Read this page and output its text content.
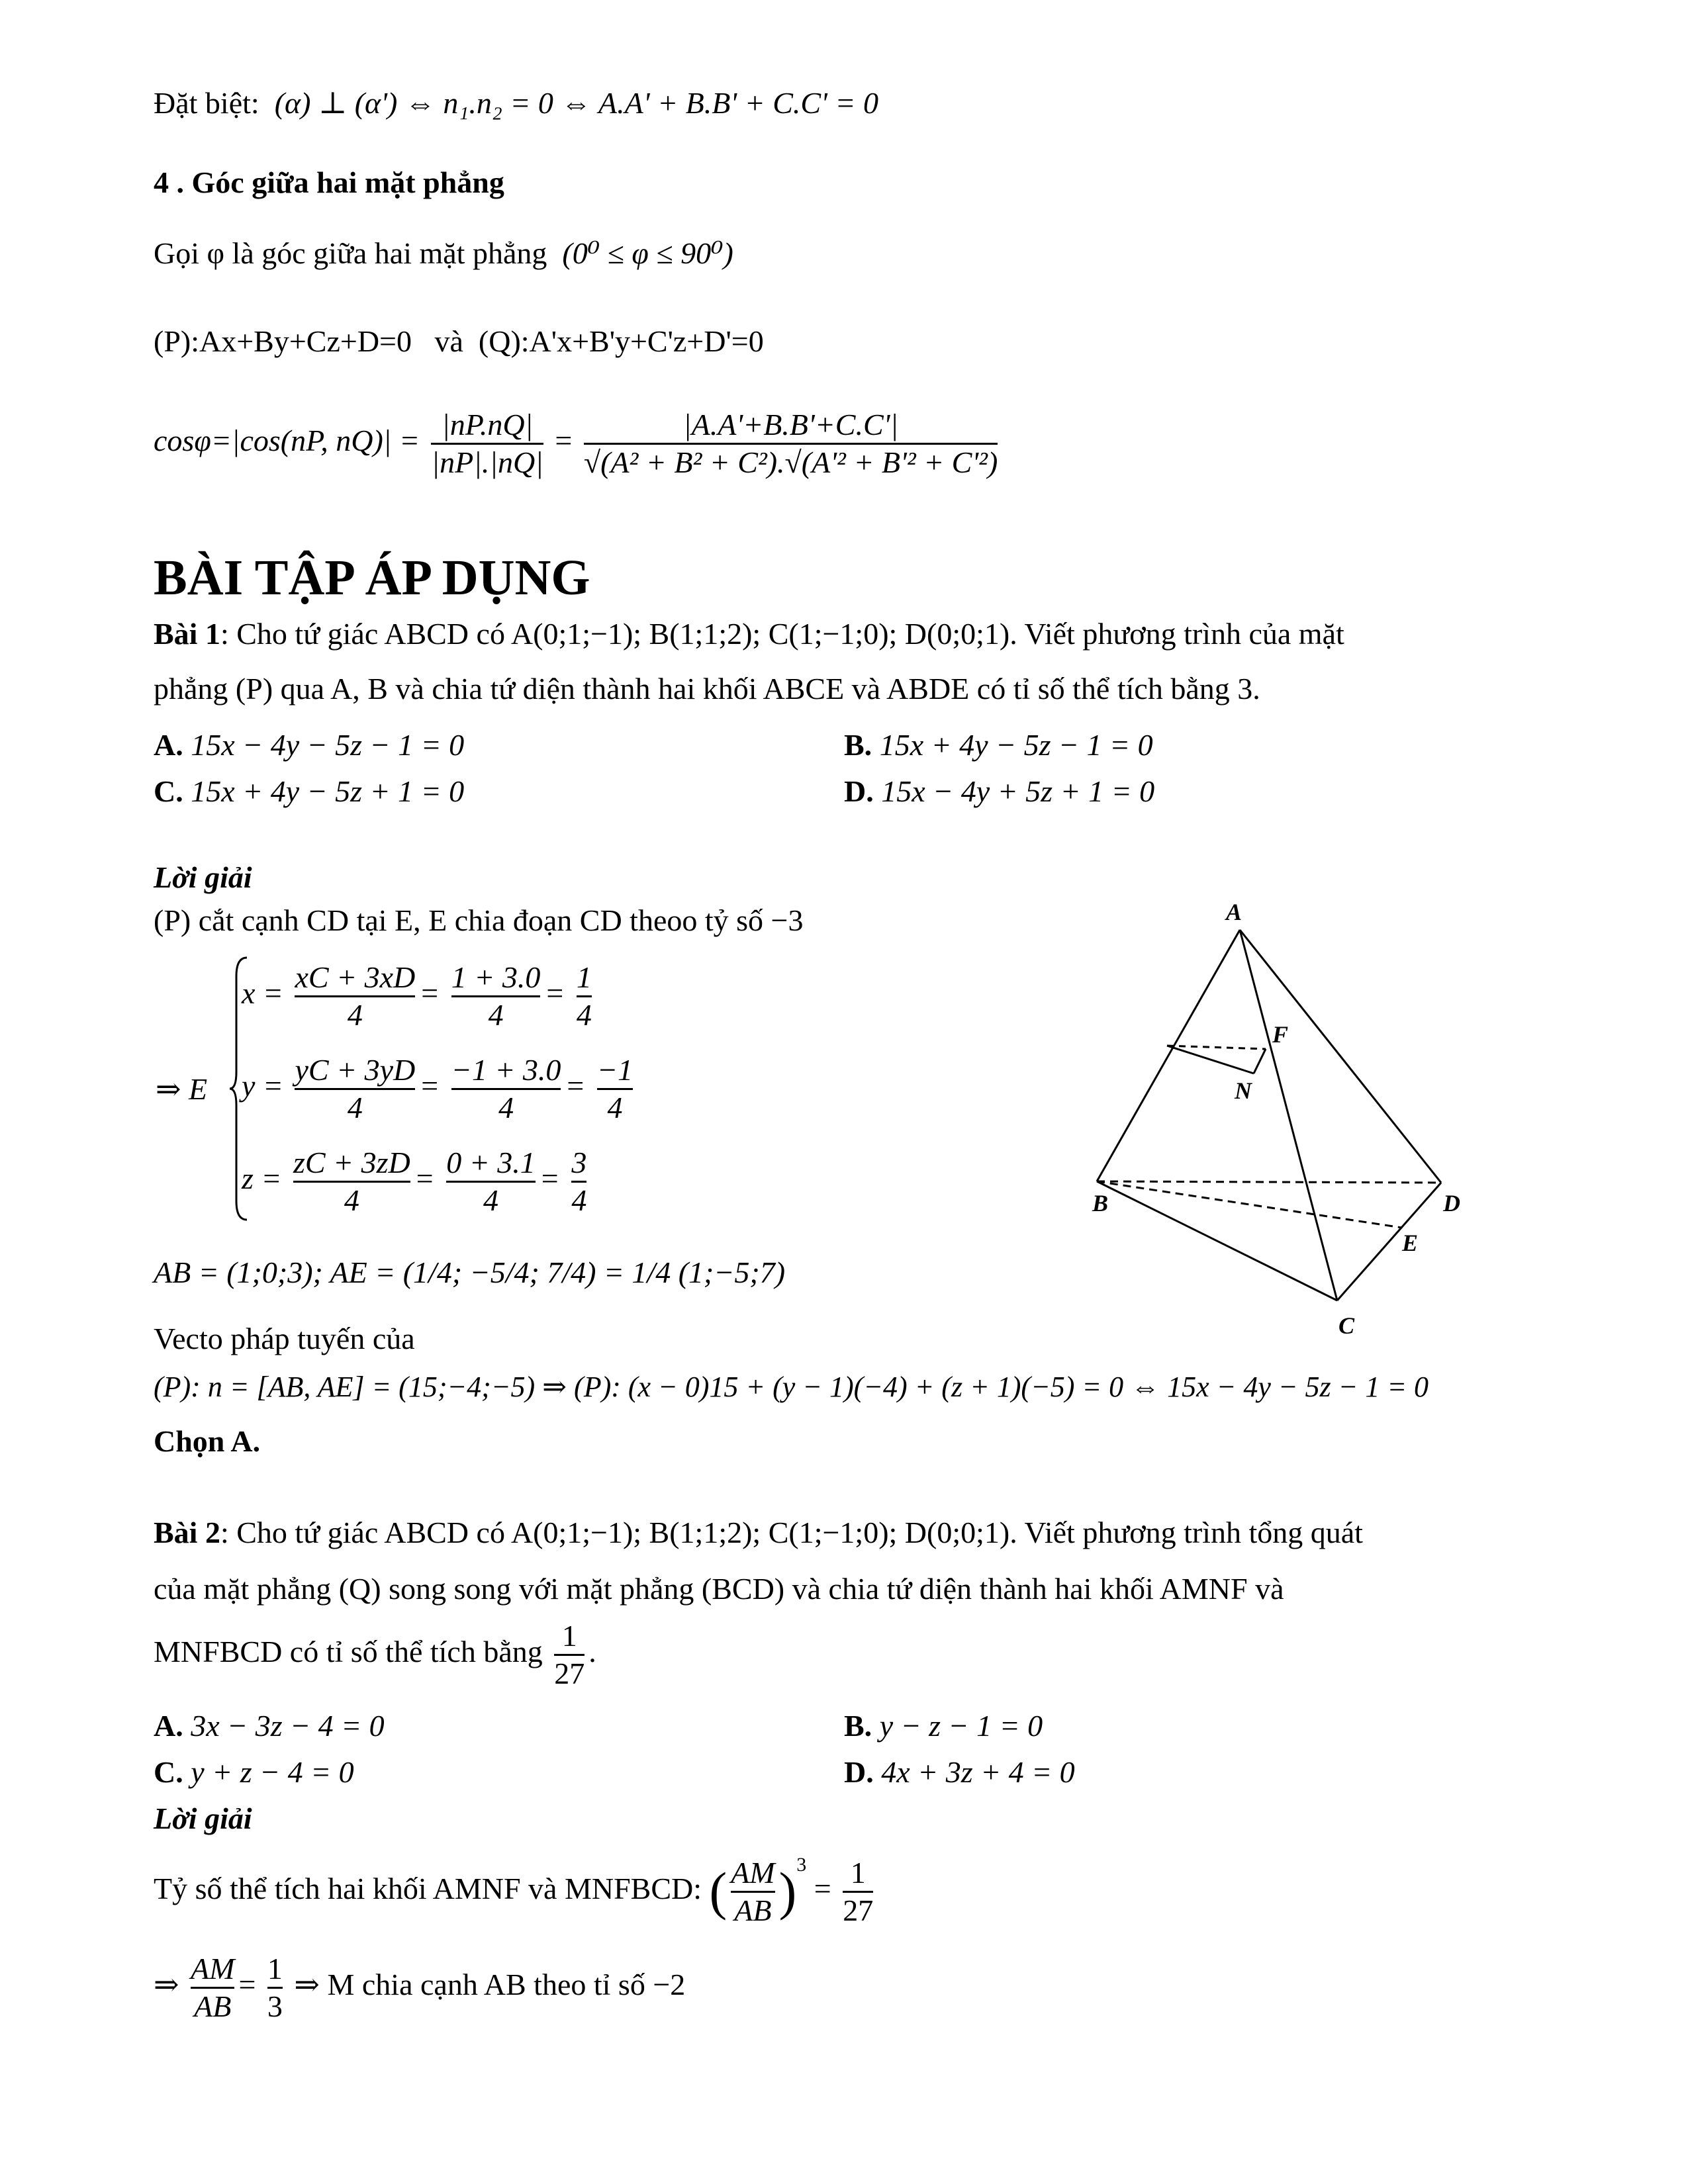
Đặt biệt: (α) ⊥ (α') ⇔ n₁.n₂ = 0 ⇔ A.A' + B.B' + C.C' = 0
4 . Góc giữa hai mặt phẳng
Gọi φ là góc giữa hai mặt phẳng (0⁰ ≤ φ ≤ 90⁰)
(P):Ax+By+Cz+D=0 và (Q):A'x+B'y+C'z+D'=0
cosφ=|cos(nP, $nQ)| = \frac{|nP.nQ|}{|nP|.|nQ|} = \frac{|A.A'+B.B'+C.C'|}{\text{√(A² + B² + C²).√(A'² + B'² + C'²)}}$
BÀI TẬP ÁP DỤNG
Bài 1: Cho tứ giác ABCD có A(0;1;−1); B(1;1;2); C(1;−1;0); D(0;0;1). Viết phương trình của mặt
phẳng (P) qua A, B và chia tứ diện thành hai khối ABCE và ABDE có tỉ số thể tích bằng 3.
A. 15x − 4y − 5z − 1 = 0	B. 15x + 4y − 5z − 1 = 0
C. 15x + 4y − 5z + 1 = 0	D. 15x − 4y + 5z + 1 = 0
Lời giải
(P) cắt cạnh CD tại E, E chia đoạn CD theoo tỷ số −3
⇒ E
$x = \frac{xC + 3xD}{4} = \frac{1 + 3.0}{4} = \frac{1}{4}$
$y = \frac{yC + 3yD}{4} = \frac{-1 + 3.0}{4} = \frac{-1}{4}$
$z = \frac{zC + 3zD}{4} = \frac{0 + 3.1}{4} = \frac{3}{4}$
AB = (1;0;3); AE = (1/4; −5/4; 7/4) = 1/4 (1;−5;7)
Vecto pháp tuyến của
(P): n = [AB, AE] = (15;−4;−5) ⇒ (P): (x − 0)15 + (y − 1)(−4) + (z + 1)(−5) = 0 ⇔ 15x − 4y − 5z − 1 = 0
Chọn A.
A
B
C
D
E
F
N
Bài 2: Cho tứ giác ABCD có A(0;1;−1); B(1;1;2); C(1;−1;0); D(0;0;1). Viết phương trình tổng quát
của mặt phẳng (Q) song song với mặt phẳng (BCD) và chia tứ diện thành hai khối AMNF và
MNFBCD có tỉ số thể tích bằng $\frac{1}{27}$ .
A. 3x − 3z − 4 = 0	B. y − z − 1 = 0
C. y + z − 4 = 0	D. 4x + 3z + 4 = 0
Lời giải
Tỷ số thể tích hai khối AMNF và MNFBCD: ( $\frac{AM}{AB} )^3 = \frac{1}{27}$
⇒ $\frac{AM}{AB} = \frac{1}{3}$ ⇒ M chia cạnh AB theo tỉ số −2
